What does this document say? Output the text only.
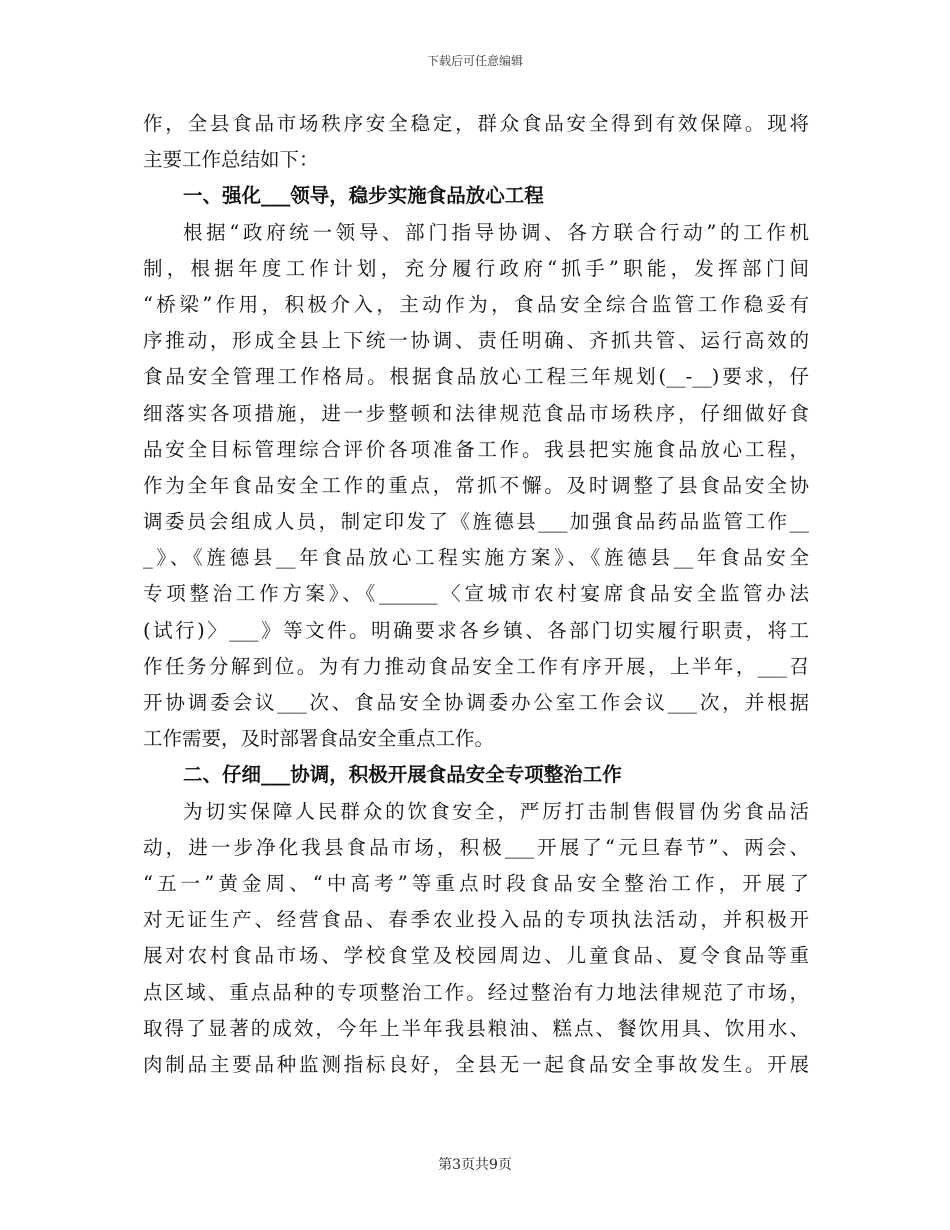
下载后可任意编辑
作，全县食品市场秩序安全稳定，群众食品安全得到有效保障。现将
主要工作总结如下：
一、强化___领导，稳步实施食品放心工程
根据“政府统一领导、部门指导协调、各方联合行动”的工作机
制，根据年度工作计划，充分履行政府“抓手”职能，发挥部门间
“桥梁”作用，积极介入，主动作为，食品安全综合监管工作稳妥有
序推动，形成全县上下统一协调、责任明确、齐抓共管、运行高效的
食品安全管理工作格局。根据食品放心工程三年规划(__-__)要求，仔
细落实各项措施，进一步整顿和法律规范食品市场秩序，仔细做好食
品安全目标管理综合评价各项准备工作。我县把实施食品放心工程，
作为全年食品安全工作的重点，常抓不懈。及时调整了县食品安全协
调委员会组成人员，制定印发了《旌德县___加强食品药品监管工作__
_》、《旌德县__年食品放心工程实施方案》、《旌德县__年食品安全
专项整治工作方案》、《______〈宣城市农村宴席食品安全监管办法
(试行)〉___》等文件。明确要求各乡镇、各部门切实履行职责，将工
作任务分解到位。为有力推动食品安全工作有序开展，上半年，___召
开协调委会议___次、食品安全协调委办公室工作会议___次，并根据
工作需要，及时部署食品安全重点工作。
二、仔细___协调，积极开展食品安全专项整治工作
为切实保障人民群众的饮食安全，严厉打击制售假冒伪劣食品活
动，进一步净化我县食品市场，积极___开展了“元旦春节”、两会、
“五一”黄金周、“中高考”等重点时段食品安全整治工作，开展了
对无证生产、经营食品、春季农业投入品的专项执法活动，并积极开
展对农村食品市场、学校食堂及校园周边、儿童食品、夏令食品等重
点区域、重点品种的专项整治工作。经过整治有力地法律规范了市场，
取得了显著的成效，今年上半年我县粮油、糕点、餐饮用具、饮用水、
肉制品主要品种监测指标良好，全县无一起食品安全事故发生。开展
第3页共9页
